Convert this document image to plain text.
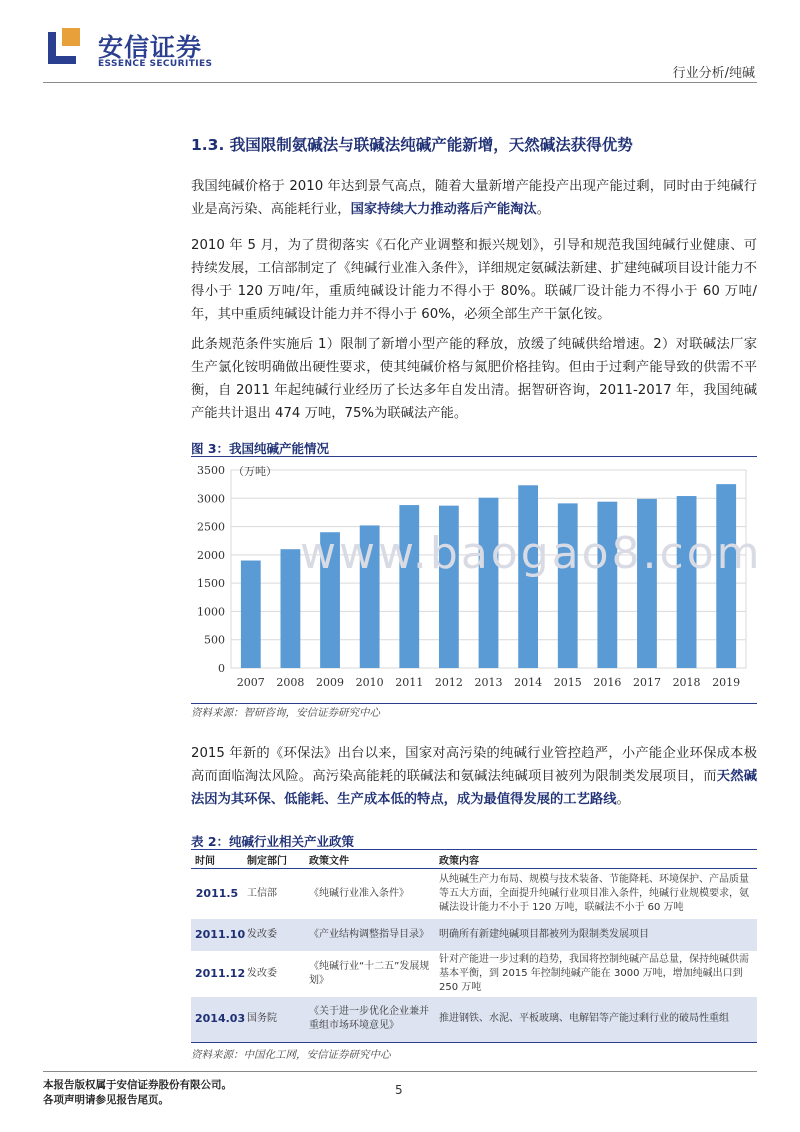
安信证券
ESSENCE SECURITIES
行业分析/纯碱
1.3. 我国限制氨碱法与联碱法纯碱产能新增，天然碱法获得优势
我国纯碱价格于 2010 年达到景气高点，随着大量新增产能投产出现产能过剩，同时由于纯碱行业是高污染、高能耗行业，国家持续大力推动落后产能淘汰。
2010 年 5 月，为了贯彻落实《石化产业调整和振兴规划》，引导和规范我国纯碱行业健康、可持续发展，工信部制定了《纯碱行业准入条件》，详细规定氨碱法新建、扩建纯碱项目设计能力不得小于 120 万吨/年，重质纯碱设计能力不得小于 80%。联碱厂设计能力不得小于 60 万吨/年，其中重质纯碱设计能力并不得小于 60%，必须全部生产干氯化铵。
此条规范条件实施后 1）限制了新增小型产能的释放，放缓了纯碱供给增速。2）对联碱法厂家生产氯化铵明确做出硬性要求，使其纯碱价格与氮肥价格挂钩。但由于过剩产能导致的供需不平衡，自 2011 年起纯碱行业经历了长达多年自发出清。据智研咨询，2011-2017 年，我国纯碱产能共计退出 474 万吨，75%为联碱法产能。
图 3：我国纯碱产能情况
0
500
1000
1500
2000
2500
3000
3500 （万吨）
2007 2008 2009 2010 2011 2012 2013 2014 2015 2016 2017 2018 2019
www.baogao8.com
资料来源：智研咨询，安信证券研究中心
2015 年新的《环保法》出台以来，国家对高污染的纯碱行业管控趋严，小产能企业环保成本极高而面临淘汰风险。高污染高能耗的联碱法和氨碱法纯碱项目被列为限制类发展项目，而天然碱法因为其环保、低能耗、生产成本低的特点，成为最值得发展的工艺路线。
表 2：纯碱行业相关产业政策
时间	制定部门	政策文件	政策内容
2011.5	工信部	《纯碱行业准入条件》	从纯碱生产力布局、规模与技术装备、节能降耗、环境保护、产品质量等五大方面，全面提升纯碱行业项目准入条件，纯碱行业规模要求，氨碱法设计能力不小于 120 万吨，联碱法不小于 60 万吨
2011.10	发改委	《产业结构调整指导目录》	明确所有新建纯碱项目都被列为限制类发展项目
2011.12	发改委	《纯碱行业“十二五”发展规划》	针对产能进一步过剩的趋势，我国将控制纯碱产品总量，保持纯碱供需基本平衡，到 2015 年控制纯碱产能在 3000 万吨，增加纯碱出口到 250 万吨
2014.03	国务院	《关于进一步优化企业兼并重组市场环境意见》	推进钢铁、水泥、平板玻璃、电解铝等产能过剩行业的破局性重组
资料来源：中国化工网，安信证券研究中心
本报告版权属于安信证券股份有限公司。
各项声明请参见报告尾页。
5
